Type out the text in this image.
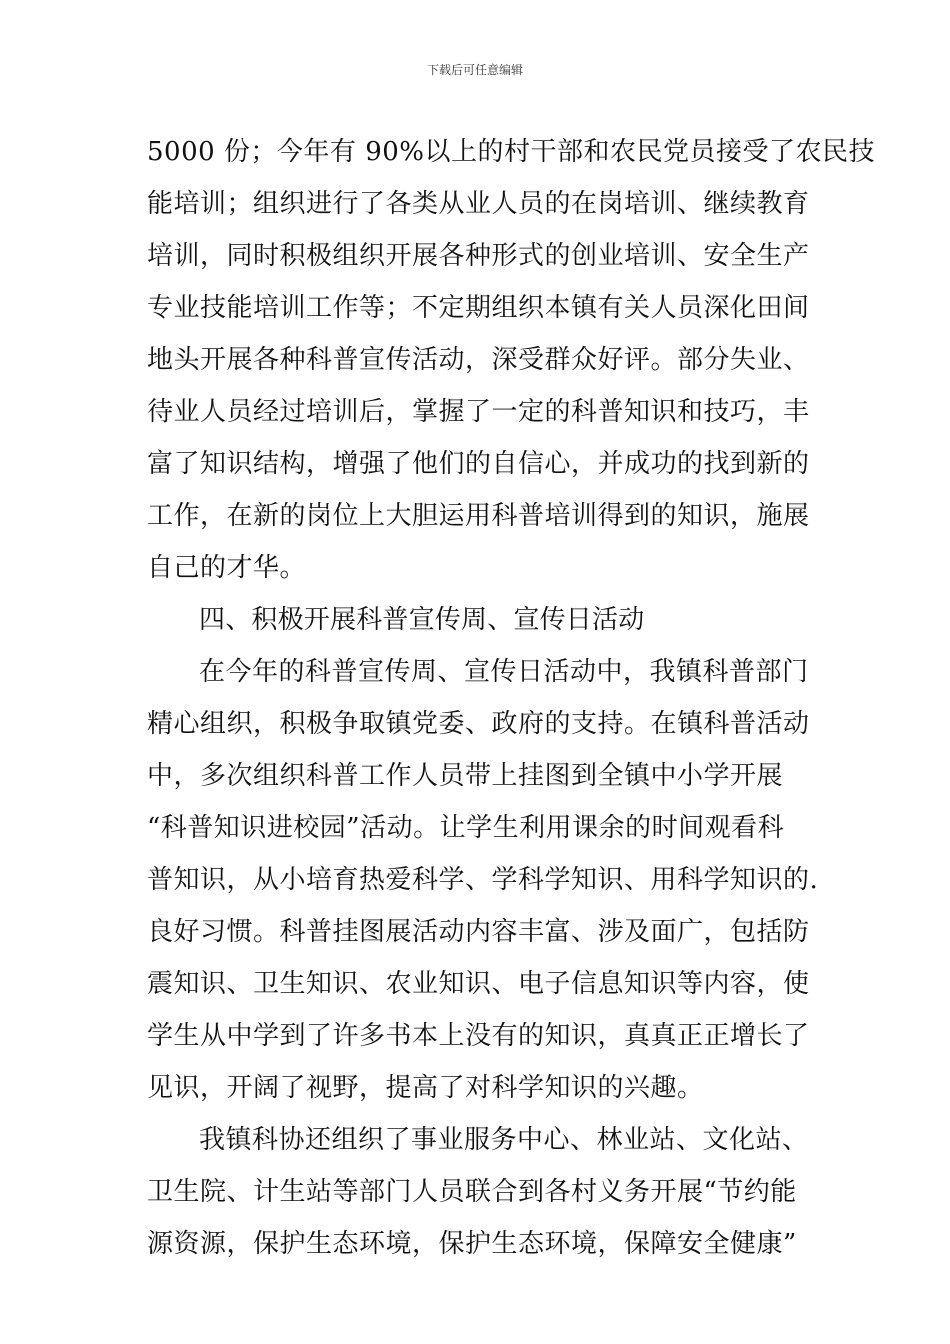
下载后可任意编辑
5000 份；今年有 90%以上的村干部和农民党员接受了农民技
能培训；组织进行了各类从业人员的在岗培训、继续教育
培训，同时积极组织开展各种形式的创业培训、安全生产
专业技能培训工作等；不定期组织本镇有关人员深化田间
地头开展各种科普宣传活动，深受群众好评。部分失业、
待业人员经过培训后，掌握了一定的科普知识和技巧，丰
富了知识结构，增强了他们的自信心，并成功的找到新的
工作，在新的岗位上大胆运用科普培训得到的知识，施展
自己的才华。
四、积极开展科普宣传周、宣传日活动
在今年的科普宣传周、宣传日活动中，我镇科普部门
精心组织，积极争取镇党委、政府的支持。在镇科普活动
中，多次组织科普工作人员带上挂图到全镇中小学开展
“科普知识进校园”活动。让学生利用课余的时间观看科
普知识，从小培育热爱科学、学科学知识、用科学知识的.
良好习惯。科普挂图展活动内容丰富、涉及面广，包括防
震知识、卫生知识、农业知识、电子信息知识等内容，使
学生从中学到了许多书本上没有的知识，真真正正增长了
见识，开阔了视野，提高了对科学知识的兴趣。
我镇科协还组织了事业服务中心、林业站、文化站、
卫生院、计生站等部门人员联合到各村义务开展“节约能
源资源，保护生态环境，保护生态环境，保障安全健康”
